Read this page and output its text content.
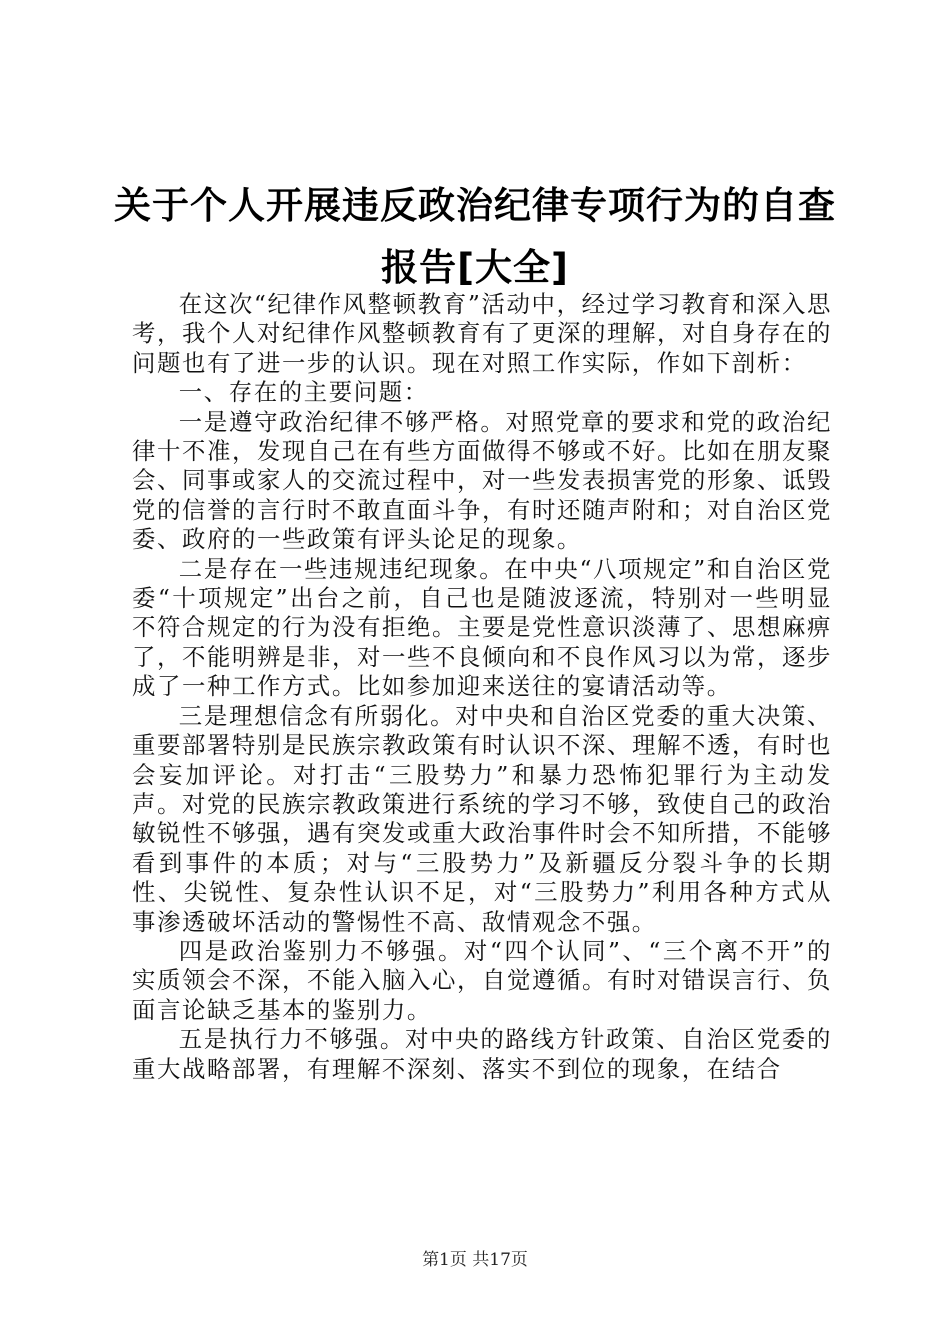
关于个人开展违反政治纪律专项行为的自查报告[大全]

在这次“纪律作风整顿教育”活动中，经过学习教育和深入思考，我个人对纪律作风整顿教育有了更深的理解，对自身存在的问题也有了进一步的认识。现在对照工作实际，作如下剖析：

一、存在的主要问题：

一是遵守政治纪律不够严格。对照党章的要求和党的政治纪律十不准，发现自己在有些方面做得不够或不好。比如在朋友聚会、同事或家人的交流过程中，对一些发表损害党的形象、诋毁党的信誉的言行时不敢直面斗争，有时还随声附和；对自治区党委、政府的一些政策有评头论足的现象。

二是存在一些违规违纪现象。在中央“八项规定”和自治区党委“十项规定”出台之前，自己也是随波逐流，特别对一些明显不符合规定的行为没有拒绝。主要是党性意识淡薄了、思想麻痹了，不能明辨是非，对一些不良倾向和不良作风习以为常，逐步成了一种工作方式。比如参加迎来送往的宴请活动等。

三是理想信念有所弱化。对中央和自治区党委的重大决策、重要部署特别是民族宗教政策有时认识不深、理解不透，有时也会妄加评论。对打击“三股势力”和暴力恐怖犯罪行为主动发声。对党的民族宗教政策进行系统的学习不够，致使自己的政治敏锐性不够强，遇有突发或重大政治事件时会不知所措，不能够看到事件的本质；对与“三股势力”及新疆反分裂斗争的长期性、尖锐性、复杂性认识不足，对“三股势力”利用各种方式从事渗透破坏活动的警惕性不高、敌情观念不强。

四是政治鉴别力不够强。对“四个认同”、“三个离不开”的实质领会不深，不能入脑入心，自觉遵循。有时对错误言行、负面言论缺乏基本的鉴别力。

五是执行力不够强。对中央的路线方针政策、自治区党委的重大战略部署，有理解不深刻、落实不到位的现象，在结合

第1页 共17页
